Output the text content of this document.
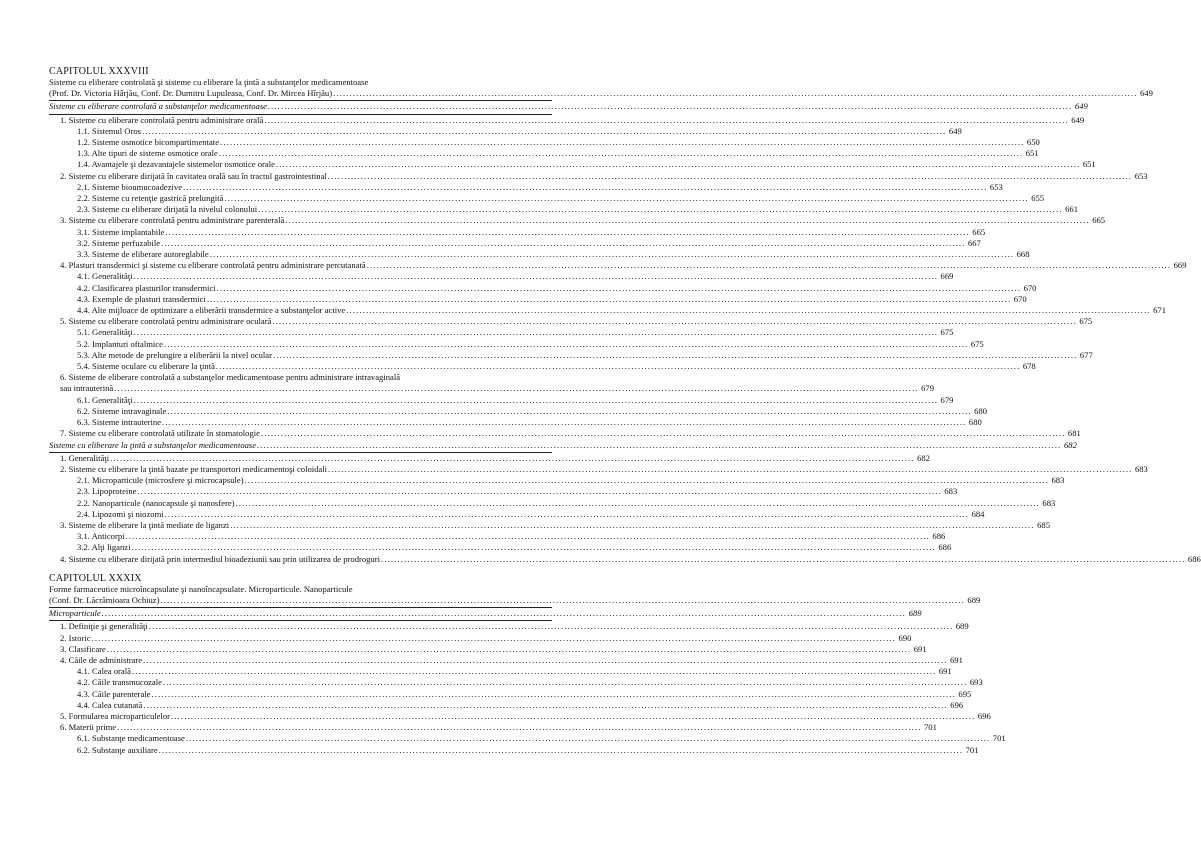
CAPITOLUL XXXVIII
Sisteme cu eliberare controlată şi sisteme cu eliberare la ţintă a substanţelor medicamentoase
(Prof. Dr. Victoria Hârjău, Conf. Dr. Dumitru Lupuleasa, Conf. Dr. Mircea Hîrjău) . . .	649
Sisteme cu eliberare controlată a substanţelor medicamentoase . . .	649
1. Sisteme cu eliberare controlată pentru administrare orală . . .	649
1.1. Sistemul Oros . . .	649
1.2. Sisteme osmotice bicompartimentate . . .	650
1.3. Alte tipuri de sisteme osmotice orale . . .	651
1.4. Avantajele şi dezavantajele sistemelor osmotice orale . . .	651
2. Sisteme cu eliberare dirijată în cavitatea orală sau în tractul gastrointestinal . . .	653
2.1. Sisteme bioumucoadezive . . .	653
2.2. Sisteme cu retenţie gastrică prelungită . . .	655
2.3. Sisteme cu eliberare dirijată la nivelul colonului . . .	661
3. Sisteme cu eliberare controlată pentru administrare parenterală . . .	665
3.1. Sisteme implantabile . . .	665
3.2. Sisteme perfuzabile . . .	667
3.3. Sisteme de eliberare autoreglabile . . .	668
4. Plasturi transdermici şi sisteme cu eliberare controlată pentru administrare percutanată . . .	669
4.1. Generalităţi . . .	669
4.2. Clasificarea plasturilor transdermici . . .	670
4.3. Exemple de plasturi transdermici . . .	670
4.4. Alte mijloace de optimizare a eliberării transdermice a substanţelor active . . .	671
5. Sisteme cu eliberare controlată pentru administrare oculară . . .	675
5.1. Generalităţi . . .	675
5.2. Implanturi oftalmice . . .	675
5.3. Alte metode de prelungire a eliberării la nivel ocular . . .	677
5.4. Sisteme oculare cu eliberare la ţintă . . .	678
6. Sisteme de eliberare controlată a substanţelor medicamentoase pentru administrare intravaginală
sau intrauterină . . .	679
6.1. Generalităţi . . .	679
6.2. Sisteme intravaginale . . .	680
6.3. Sisteme intrauterine . . .	680
7. Sisteme cu eliberare controlată utilizate în stomatologie . . .	681
Sisteme cu eliberare la ţintă a substanţelor medicamentoase . . .	682
1. Generalităţi . . .	682
2. Sisteme cu eliberare la ţintă bazate pe transportori medicamentoşi coloidali . . .	683
2.1. Microparticule (microsfere şi microcapsule) . . .	683
2.3. Lipoproteine . . .	683
2.2. Nanoparticule (nanocapsule şi nanosfere) . . .	683
2.4. Lipozomi şi niozomi . . .	684
3. Sisteme de eliberare la ţintă mediate de liganzi . . .	685
3.1. Anticorpi . . .	686
3.2. Alţi liganzi . . .	686
4. Sisteme cu eliberare dirijată prin intermediul bioadeziunii sau prin utilizarea de prodroguri . . .	686
CAPITOLUL XXXIX
Forme farmaceutice microîncapsulate şi nanoîncapsulate. Microparticule. Nanoparticule
(Conf. Dr. Lăcrămioara Ochiuz) . . .	689
Microparticule . . .	689
1. Definiţie şi generalităţi . . .	689
2. Istoric . . .	690
3. Clasificare . . .	691
4. Căile de administrare . . .	691
4.1. Calea orală . . .	691
4.2. Căile transmucozale . . .	693
4.3. Căile parenterale . . .	695
4.4. Calea cutanată . . .	696
5. Formularea microparticulelor . . .	696
6. Materii prime . . .	701
6.1. Substanţe medicamentoase . . .	701
6.2. Substanţe auxiliare . . .	701
